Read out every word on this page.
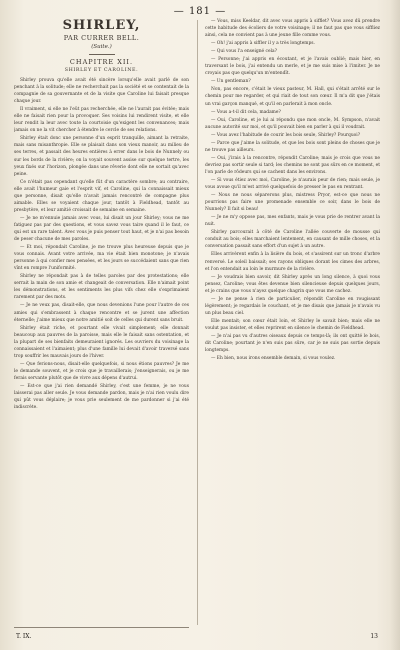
— 181 —
SHIRLEY,
PAR CURRER BELL.
(Suite.)
CHAPITRE XII.
SHIRLEY ET CAROLINE.

Shirley prouva qu'elle avait été sincère lorsqu'elle avait parlé de son penchant à la solitude; elle ne recherchait pas la société et se contentait de la compagnie de sa gouvernante et de la visite que Caroline lui faisait presque chaque jour.

Il vraiment, si elle ne l'eût pas recherchée, elle ne l'aurait pas évitée; mais elle ne faisait rien pour la provoquer. Ses voisins lui rendirent visite, et elle leur rendit la leur avec toute la courtoisie qu'exigent les convenances; mais jamais on ne la vit chercher à étendre le cercle de ses relations.

Shirley était donc une personne d'un esprit tranquille, aimant la retraite, mais sans misanthropie. Elle se plaisait dans son vieux manoir, au milieu de ses terres, et passait des heures entières à errer dans le bois de Nunnely ou sur les bords de la rivière; on la voyait souvent assise sur quelque tertre, les yeux fixés sur l'horizon, plongée dans une rêverie dont elle ne sortait qu'avec peine.

Ce n'était pas cependant qu'elle fût d'un caractère sombre; au contraire, elle avait l'humeur gaie et l'esprit vif, et Caroline, qui la connaissait mieux que personne, disait qu'elle n'avait jamais rencontré de compagne plus aimable. Elles se voyaient chaque jour, tantôt à Fieldhead, tantôt au presbytère, et leur amitié croissait de semaine en semaine.

— Je ne m'ennuie jamais avec vous, lui disait un jour Shirley; vous ne me fatiguez pas par des questions, et vous savez vous taire quand il le faut, ce qui est un rare talent. Avec vous je puis penser tout haut, et je n'ai pas besoin de peser chacune de mes paroles.

— Et moi, répondait Caroline, je me trouve plus heureuse depuis que je vous connais. Avant votre arrivée, ma vie était bien monotone; je n'avais personne à qui confier mes pensées, et les jours se succédaient sans que rien vînt en rompre l'uniformité.

Shirley ne répondait pas à de telles paroles par des protestations; elle serrait la main de son amie et changeait de conversation. Elle n'aimait point les démonstrations, et les sentiments les plus vifs chez elle s'exprimaient rarement par des mots.

— Je ne veux pas, disait-elle, que nous devenions l'une pour l'autre de ces amies qui s'embrassent à chaque rencontre et se jurent une affection éternelle; j'aime mieux que notre amitié soit de celles qui durent sans bruit.

Shirley était riche, et pourtant elle vivait simplement; elle donnait beaucoup aux pauvres de la paroisse, mais elle le faisait sans ostentation, et la plupart de ses bienfaits demeuraient ignorés. Les ouvriers du voisinage la connaissaient et l'aimaient; plus d'une famille lui devait d'avoir traversé sans trop souffrir les mauvais jours de l'hiver.

— Que ferions-nous, disait-elle quelquefois, si nous étions pauvres? Je me le demande souvent, et je crois que je travaillerais; j'enseignerais, ou je me ferais servante plutôt que de vivre aux dépens d'autrui.

— Est-ce que j'ai rien demandé Shirley, c'est une femme, je ne vous laisserai pas aller seule. Je vous demande pardon, mais je n'ai rien voulu dire qui pût vous déplaire; je vous prie seulement de me pardonner si j'ai été indiscrète.

— Vous, miss Keeldar, dit avec vous appris à sifflet? Vous avez dû prendre cette habitude des écoliers de votre voisinage; il ne faut pas que vous siffliez ainsi, cela ne convient pas à une jeune fille comme vous.

— Oh! j'ai appris à siffler il y a très longtemps.

— Qui vous l'a enseigné cela?

— Personne; j'ai appris en écoutant, et je l'avais oublié; mais hier, en traversant le bois, j'ai entendu un merle, et je me suis mise à l'imiter. Je ne croyais pas que quelqu'un m'entendît.

— Un gentleman?

Non, pas encore, c'était le vieux pasteur, M. Hall, qui s'était arrêté sur le chemin pour me regarder, et qui riait de tout son cœur. Il m'a dit que j'étais un vrai garçon manqué, et qu'il en parlerait à mon oncle.

— Vous a-t-il dit cela, madame?

— Oui, Caroline, et je lui ai répondu que mon oncle, M. Sympson, n'avait aucune autorité sur moi, et qu'il pouvait bien en parler à qui il voudrait.

— Vous avez l'habitude de courir les bois seule, Shirley? Pourquoi?

— Parce que j'aime la solitude, et que les bois sont pleins de choses que je ne trouve pas ailleurs.

— Oui, j'irais à la rencontre, répondit Caroline; mais je crois que vous ne devriez pas sortir seule si tard; les chemins ne sont pas sûrs en ce moment, et l'on parle de rôdeurs qui se cachent dans les environs.

— Si vous étiez avec moi, Caroline, je n'aurais peur de rien; mais seule, je vous avoue qu'il m'est arrivé quelquefois de presser le pas en rentrant.

— Nous ne nous séparerons plus, mistress Pryor, est-ce que nous ne pourrions pas faire une promenade ensemble ce soir, dans le bois de Nunnely? Il fait si beau!

— Je ne m'y oppose pas, mes enfants, mais je vous prie de rentrer avant la nuit.

Shirley parcourait à côté de Caroline l'allée couverte de mousse qui conduit au bois; elles marchaient lentement, en causant de mille choses, et la conversation passait sans effort d'un sujet à un autre.

Elles arrivèrent enfin à la lisière du bois, et s'assirent sur un tronc d'arbre renversé. Le soleil baissait; ses rayons obliques dorant les cimes des arbres, et l'on entendait au loin le murmure de la rivière.

— Je voudrais bien savoir, dit Shirley après un long silence, à quoi vous pensez, Caroline; vous êtes devenue bien silencieuse depuis quelques jours, et je crains que vous n'ayez quelque chagrin que vous me cachez.

— Je ne pense à rien de particulier, répondit Caroline en rougissant légèrement; je regardais le couchant, et je me disais que jamais je n'avais vu un plus beau ciel.

Elle mentait; son cœur était loin, et Shirley le savait bien; mais elle ne voulut pas insister, et elles reprirent en silence le chemin de Fieldhead.

— Je n'ai pas vu d'autres oiseaux depuis ce temps-là; ils ont quitté le bois, dit Caroline; pourtant je n'en suis pas sûre, car je ne suis pas sortie depuis longtemps.

— Eh bien, nous irons ensemble demain, si vous voulez.

T. IX.	13
